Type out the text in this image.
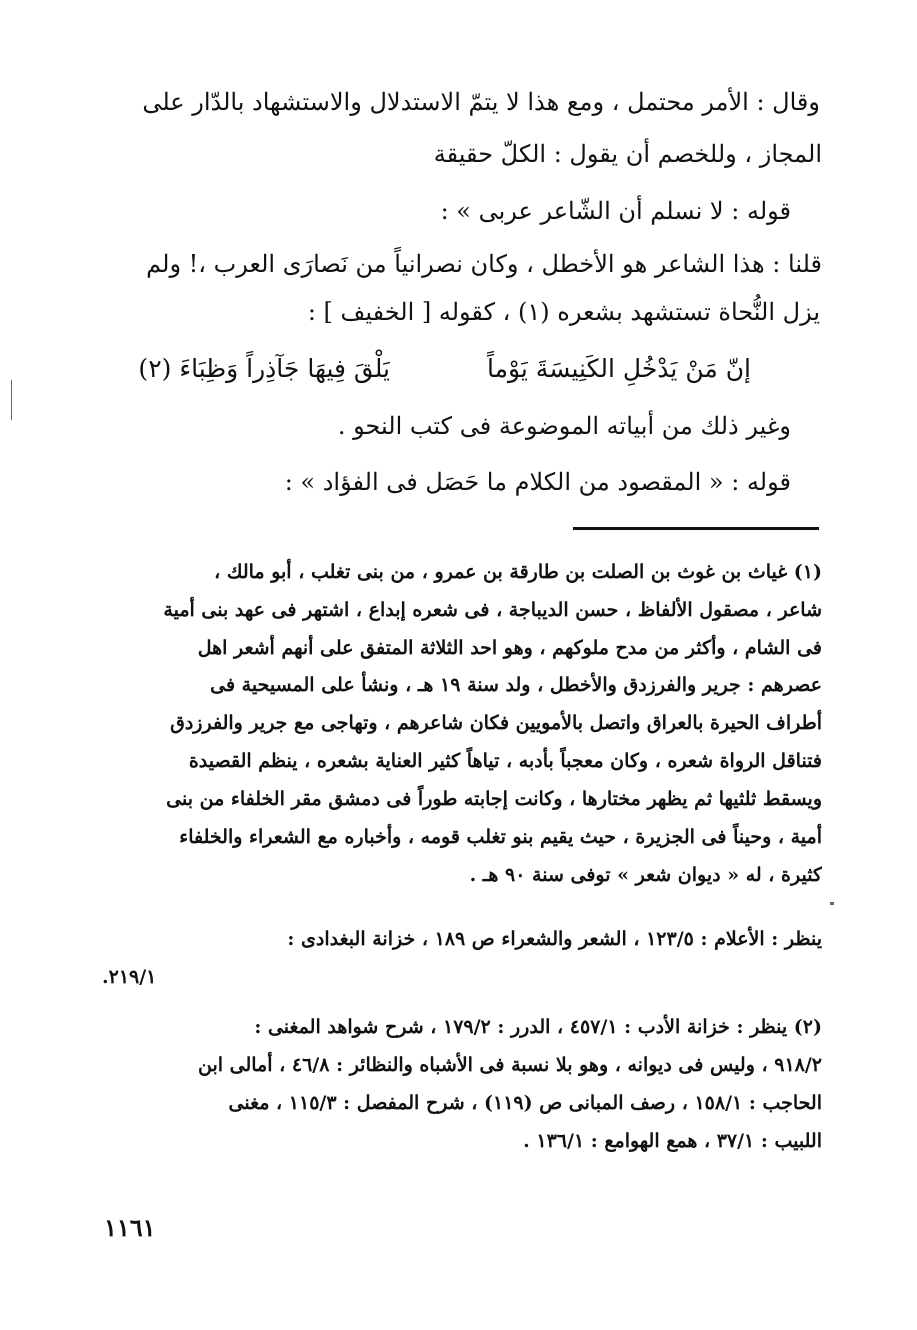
وقال : الأمر محتمل ، ومع هذا لا يتمّ الاستدلال والاستشهاد بالدّار على
المجاز ، وللخصم أن يقول : الكلّ حقيقة
قوله : لا نسلم أن الشّاعر عربى » :
قلنا : هذا الشاعر هو الأخطل ، وكان نصرانياً من نَصارَى العرب ،! ولم
يزل النُّحاة تستشهد بشعره (١) ، كقوله [ الخفيف ] :
إنّ مَنْ يَدْخُلِ الكَنِيسَةَ يَوْماً
يَلْقَ فِيهَا جَآذِراً وَظِبَاءَ (٢)
وغير ذلك من أبياته الموضوعة فى كتب النحو .
قوله : « المقصود من الكلام ما حَصَل فى الفؤاد » :
(١) غياث بن غوث بن الصلت بن طارقة بن عمرو ، من بنى تغلب ، أبو مالك ،
شاعر ، مصقول الألفاظ ، حسن الديباجة ، فى شعره إبداع ، اشتهر فى عهد بنى أمية
فى الشام ، وأكثر من مدح ملوكهم ، وهو احد الثلاثة المتفق على أنهم أشعر اهل
عصرهم : جرير والفرزدق والأخطل ، ولد سنة ١٩ هـ ، ونشأ على المسيحية فى
أطراف الحيرة بالعراق واتصل بالأمويين فكان شاعرهم ، وتهاجى مع جرير والفرزدق
فتناقل الرواة شعره ، وكان معجباً بأدبه ، تياهاً كثير العناية بشعره ، ينظم القصيدة
ويسقط ثلثيها ثم يظهر مختارها ، وكانت إجابته طوراً فى دمشق مقر الخلفاء من بنى
أمية ، وحيناً فى الجزيرة ، حيث يقيم بنو تغلب قومه ، وأخباره مع الشعراء والخلفاء
كثيرة ، له « ديوان شعر » توفى سنة ٩٠ هـ .
ينظر : الأعلام : ١٢٣/٥ ، الشعر والشعراء ص ١٨٩ ، خزانة البغدادى :
.٢١٩/١
(٢) ينظر : خزانة الأدب : ٤٥٧/١ ، الدرر : ١٧٩/٢ ، شرح شواهد المغنى :
٩١٨/٢ ، وليس فى ديوانه ، وهو بلا نسبة فى الأشباه والنظائر : ٤٦/٨ ، أمالى ابن
الحاجب : ١٥٨/١ ، رصف المبانى ص (١١٩) ، شرح المفصل : ١١٥/٣ ، مغنى
اللبيب : ٣٧/١ ، همع الهوامع : ١٣٦/١ .
١١٦١
